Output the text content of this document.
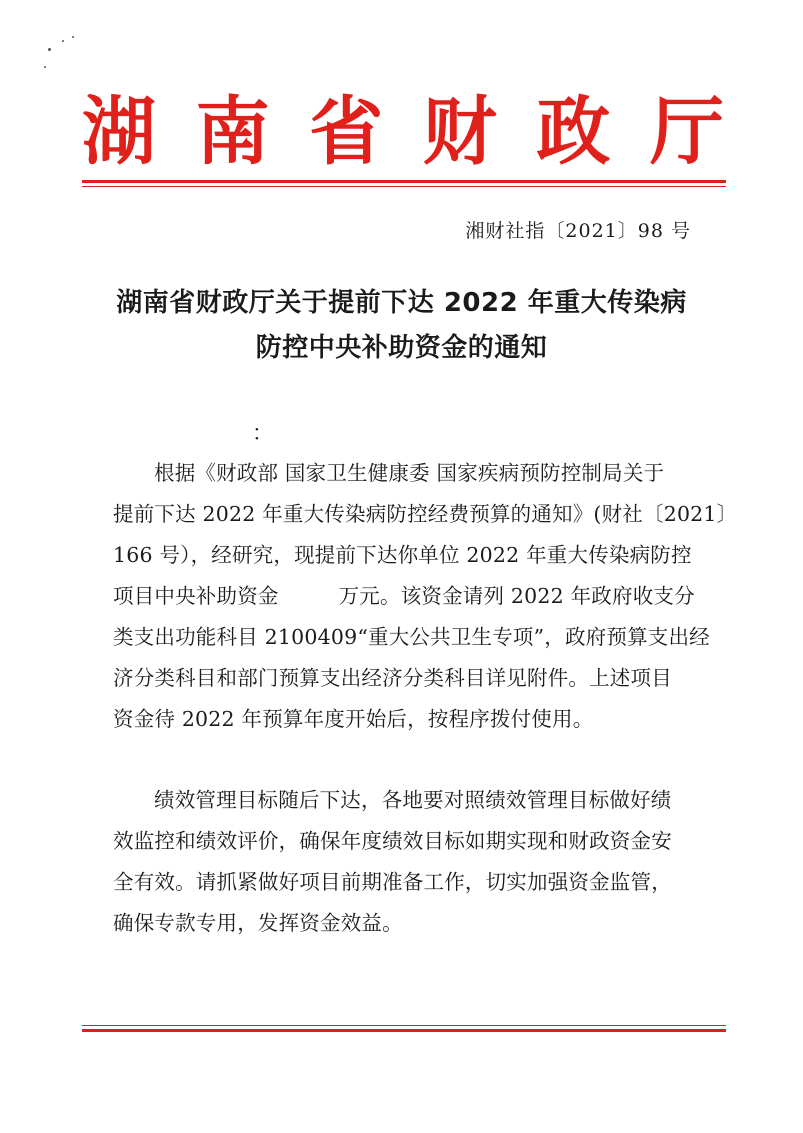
湖 南 省 财 政 厅
湘财社指〔2021〕98 号
湖南省财政厅关于提前下达 2022 年重大传染病
防控中央补助资金的通知
：

根据《财政部 国家卫生健康委 国家疾病预防控制局关于

提前下达 2022 年重大传染病防控经费预算的通知》(财社〔2021〕

166 号），经研究，现提前下达你单位 2022 年重大传染病防控

项目中央补助资金	万元。该资金请列 2022 年政府收支分

类支出功能科目 2100409“重大公共卫生专项”，政府预算支出经

济分类科目和部门预算支出经济分类科目详见附件。上述项目

资金待 2022 年预算年度开始后，按程序拨付使用。

绩效管理目标随后下达，各地要对照绩效管理目标做好绩

效监控和绩效评价，确保年度绩效目标如期实现和财政资金安

全有效。请抓紧做好项目前期准备工作，切实加强资金监管，

确保专款专用，发挥资金效益。
